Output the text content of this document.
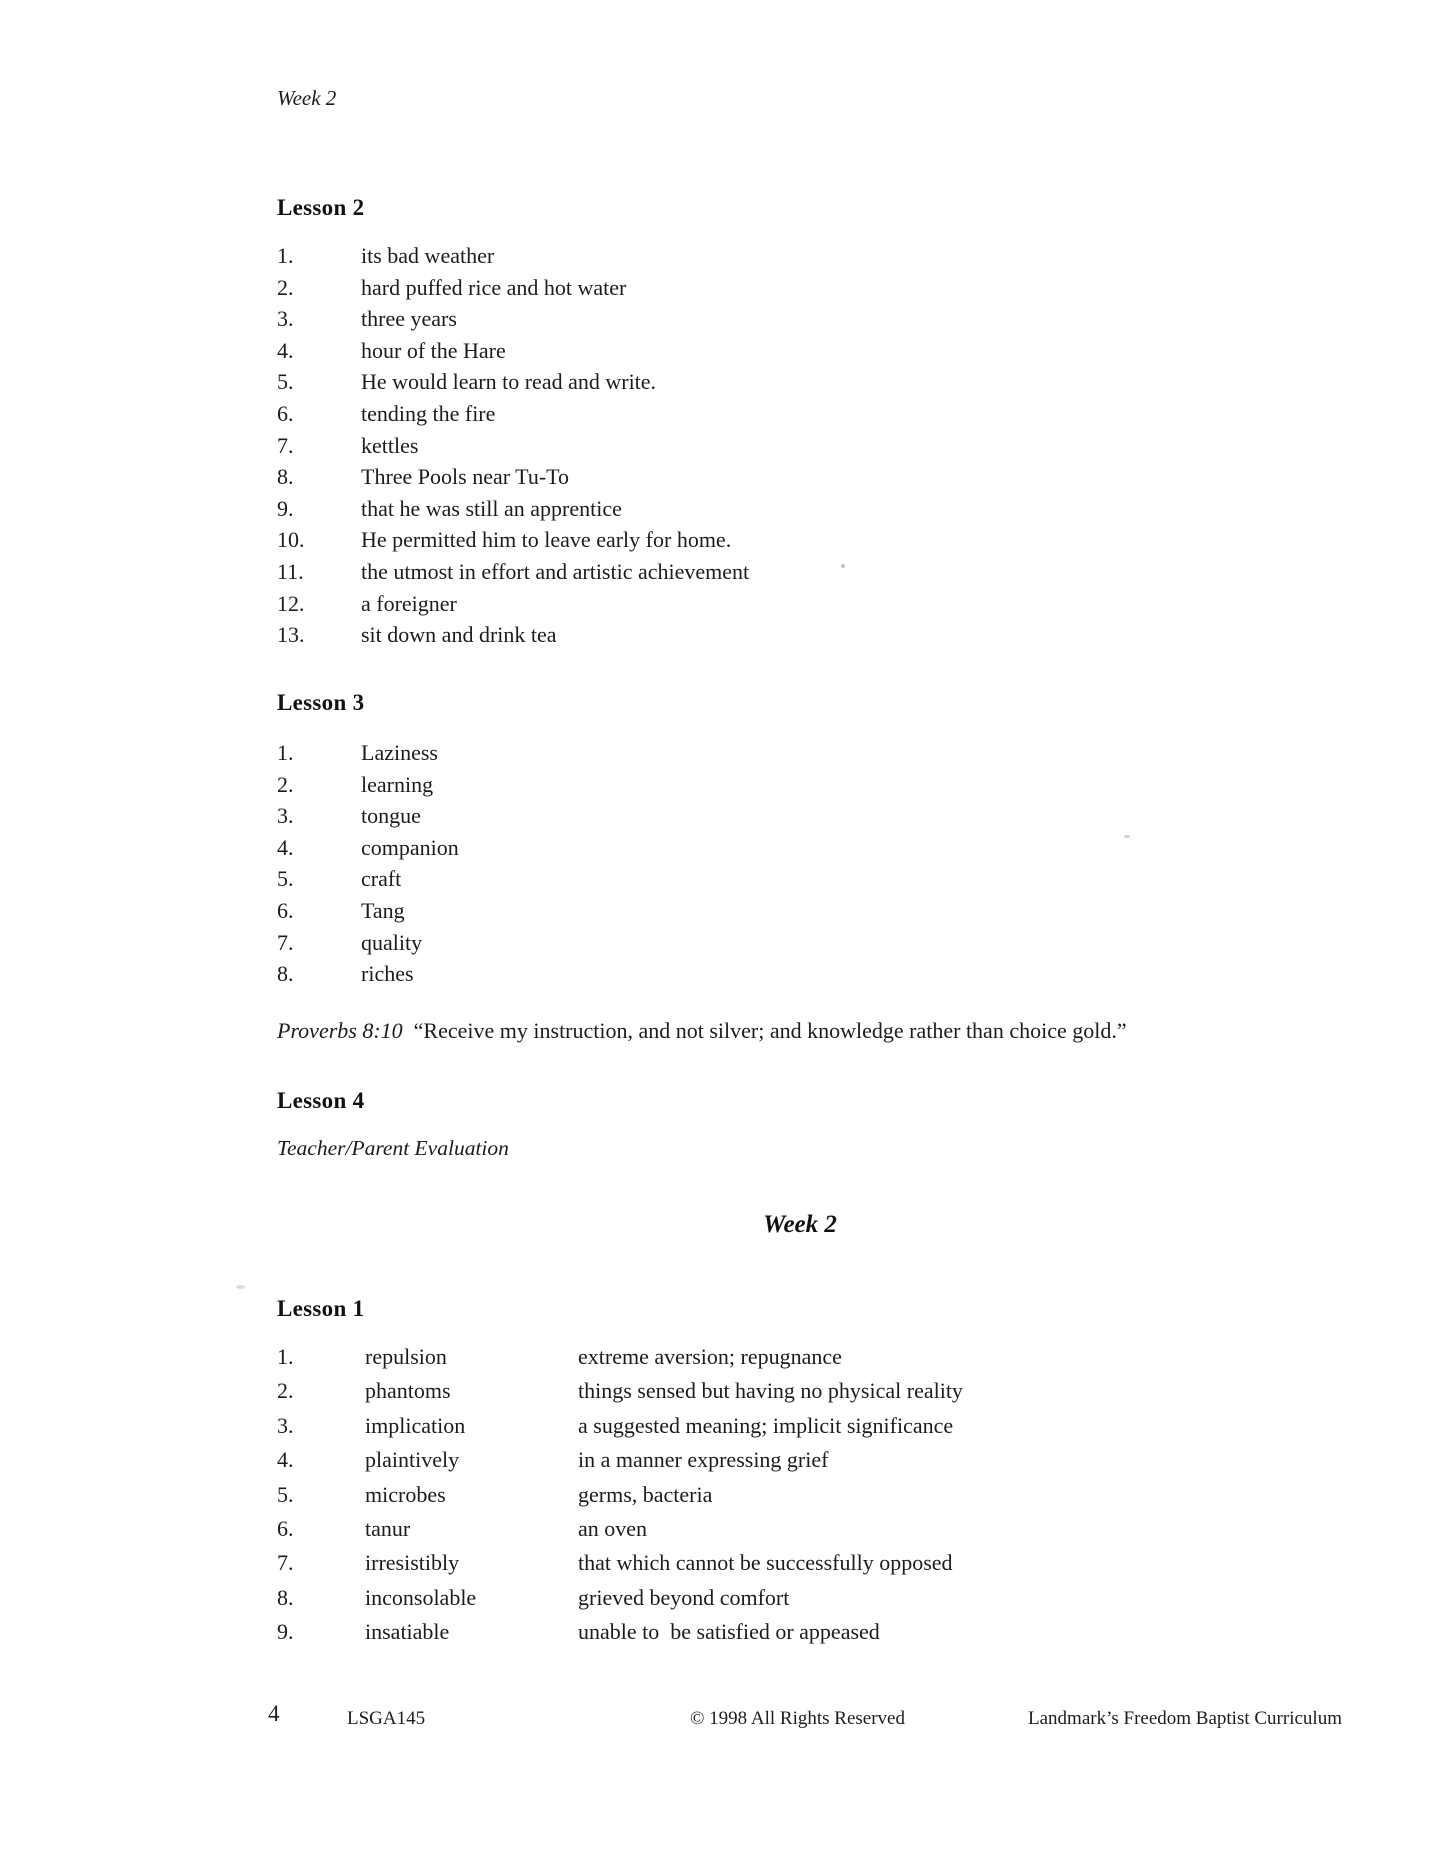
Week 2
Lesson 2
1.	its bad weather
2.	hard puffed rice and hot water
3.	three years
4.	hour of the Hare
5.	He would learn to read and write.
6.	tending the fire
7.	kettles
8.	Three Pools near Tu-To
9.	that he was still an apprentice
10.	He permitted him to leave early for home.
11.	the utmost in effort and artistic achievement
12.	a foreigner
13.	sit down and drink tea
Lesson 3
1.	Laziness
2.	learning
3.	tongue
4.	companion
5.	craft
6.	Tang
7.	quality
8.	riches
Proverbs 8:10 “Receive my instruction, and not silver; and knowledge rather than choice gold.”
Lesson 4
Teacher/Parent Evaluation
Week 2
Lesson 1
1.	repulsion	extreme aversion; repugnance
2.	phantoms	things sensed but having no physical reality
3.	implication	a suggested meaning; implicit significance
4.	plaintively	in a manner expressing grief
5.	microbes	germs, bacteria
6.	tanur	an oven
7.	irresistibly	that which cannot be successfully opposed
8.	inconsolable	grieved beyond comfort
9.	insatiable	unable to  be satisfied or appeased
4	LSGA145	© 1998 All Rights Reserved	Landmark’s Freedom Baptist Curriculum
